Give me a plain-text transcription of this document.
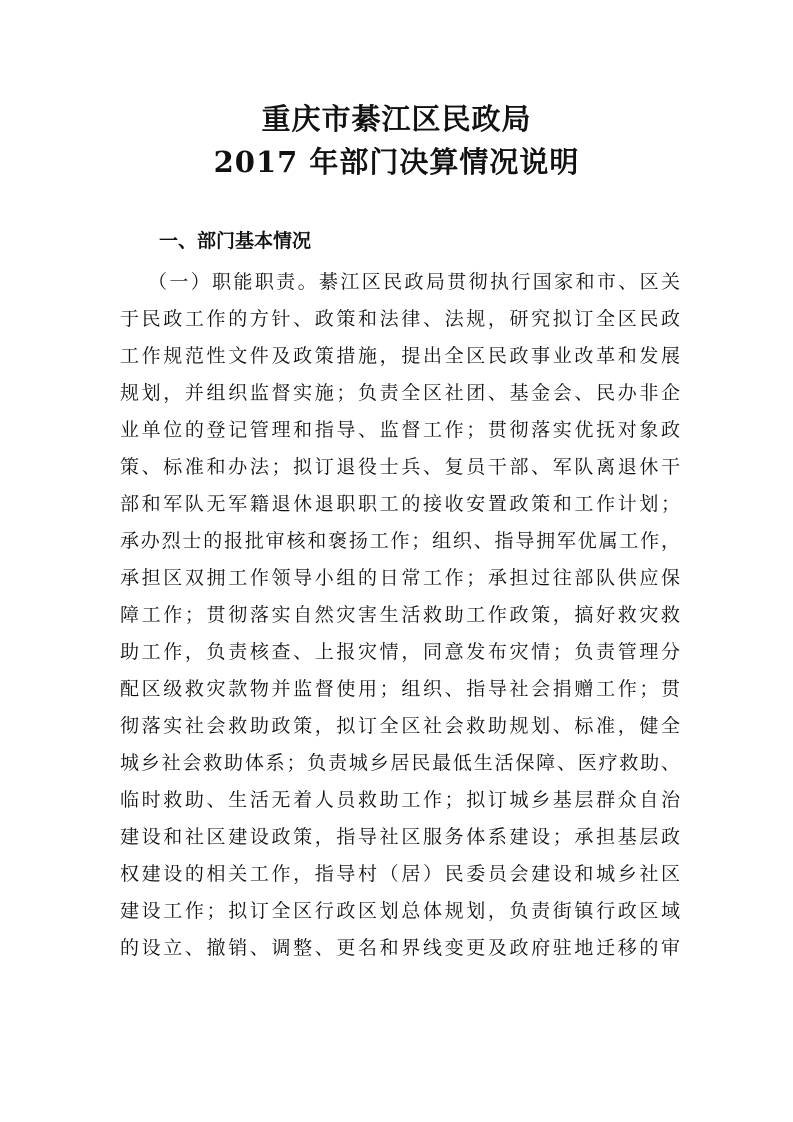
重庆市綦江区民政局
2017 年部门决算情况说明
一、部门基本情况
（一）职能职责。綦江区民政局贯彻执行国家和市、区关
于民政工作的方针、政策和法律、法规，研究拟订全区民政
工作规范性文件及政策措施，提出全区民政事业改革和发展
规划，并组织监督实施；负责全区社团、基金会、民办非企
业单位的登记管理和指导、监督工作；贯彻落实优抚对象政
策、标准和办法；拟订退役士兵、复员干部、军队离退休干
部和军队无军籍退休退职职工的接收安置政策和工作计划；
承办烈士的报批审核和褒扬工作；组织、指导拥军优属工作，
承担区双拥工作领导小组的日常工作；承担过往部队供应保
障工作；贯彻落实自然灾害生活救助工作政策，搞好救灾救
助工作，负责核查、上报灾情，同意发布灾情；负责管理分
配区级救灾款物并监督使用；组织、指导社会捐赠工作；贯
彻落实社会救助政策，拟订全区社会救助规划、标准，健全
城乡社会救助体系；负责城乡居民最低生活保障、医疗救助、
临时救助、生活无着人员救助工作；拟订城乡基层群众自治
建设和社区建设政策，指导社区服务体系建设；承担基层政
权建设的相关工作，指导村（居）民委员会建设和城乡社区
建设工作；拟订全区行政区划总体规划，负责街镇行政区域
的设立、撤销、调整、更名和界线变更及政府驻地迁移的审
